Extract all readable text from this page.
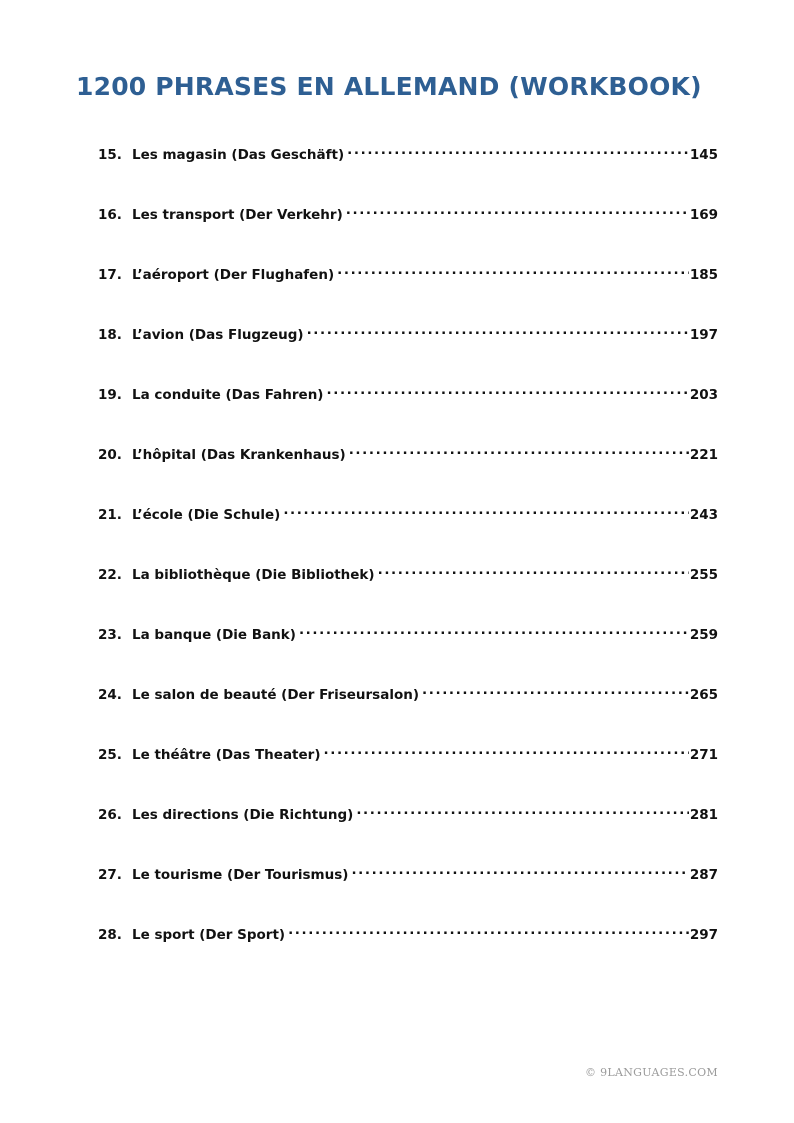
1200 PHRASES EN ALLEMAND (WORKBOOK)
15. Les magasin (Das Geschäft) .....	145
16. Les transport (Der Verkehr) .....	169
17. L’aéroport (Der Flughafen) .....	185
18. L’avion (Das Flugzeug) .....	197
19. La conduite (Das Fahren) .....	203
20. L’hôpital (Das Krankenhaus) .....	221
21. L’école (Die Schule) .....	243
22. La bibliothèque (Die Bibliothek) .....	255
23. La banque (Die Bank) .....	259
24. Le salon de beauté (Der Friseursalon) .....	265
25. Le théâtre (Das Theater) .....	271
26. Les directions (Die Richtung) .....	281
27. Le tourisme (Der Tourismus) .....	287
28. Le sport (Der Sport) .....	297
© 9LANGUAGES.COM
